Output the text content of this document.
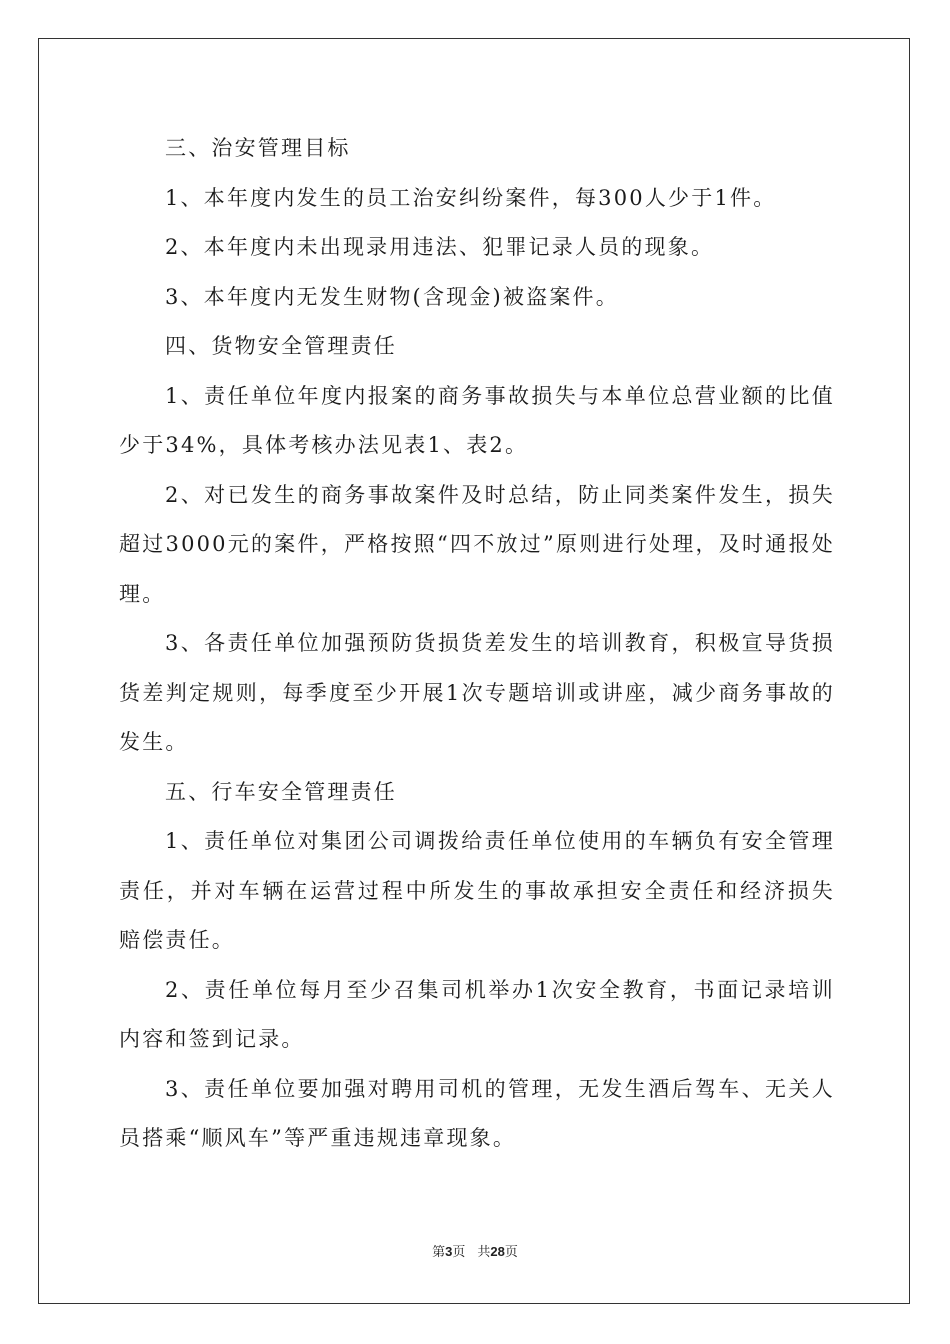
三、治安管理目标

1、本年度内发生的员工治安纠纷案件，每300人少于1件。

2、本年度内未出现录用违法、犯罪记录人员的现象。

3、本年度内无发生财物(含现金)被盗案件。

四、货物安全管理责任

1、责任单位年度内报案的商务事故损失与本单位总营业额的比值少于34%，具体考核办法见表1、表2。

2、对已发生的商务事故案件及时总结，防止同类案件发生，损失超过3000元的案件，严格按照“四不放过”原则进行处理，及时通报处理。

3、各责任单位加强预防货损货差发生的培训教育，积极宣导货损货差判定规则，每季度至少开展1次专题培训或讲座，减少商务事故的发生。

五、行车安全管理责任

1、责任单位对集团公司调拨给责任单位使用的车辆负有安全管理责任，并对车辆在运营过程中所发生的事故承担安全责任和经济损失赔偿责任。

2、责任单位每月至少召集司机举办1次安全教育，书面记录培训内容和签到记录。

3、责任单位要加强对聘用司机的管理，无发生酒后驾车、无关人员搭乘“顺风车”等严重违规违章现象。

第3页 共28页
